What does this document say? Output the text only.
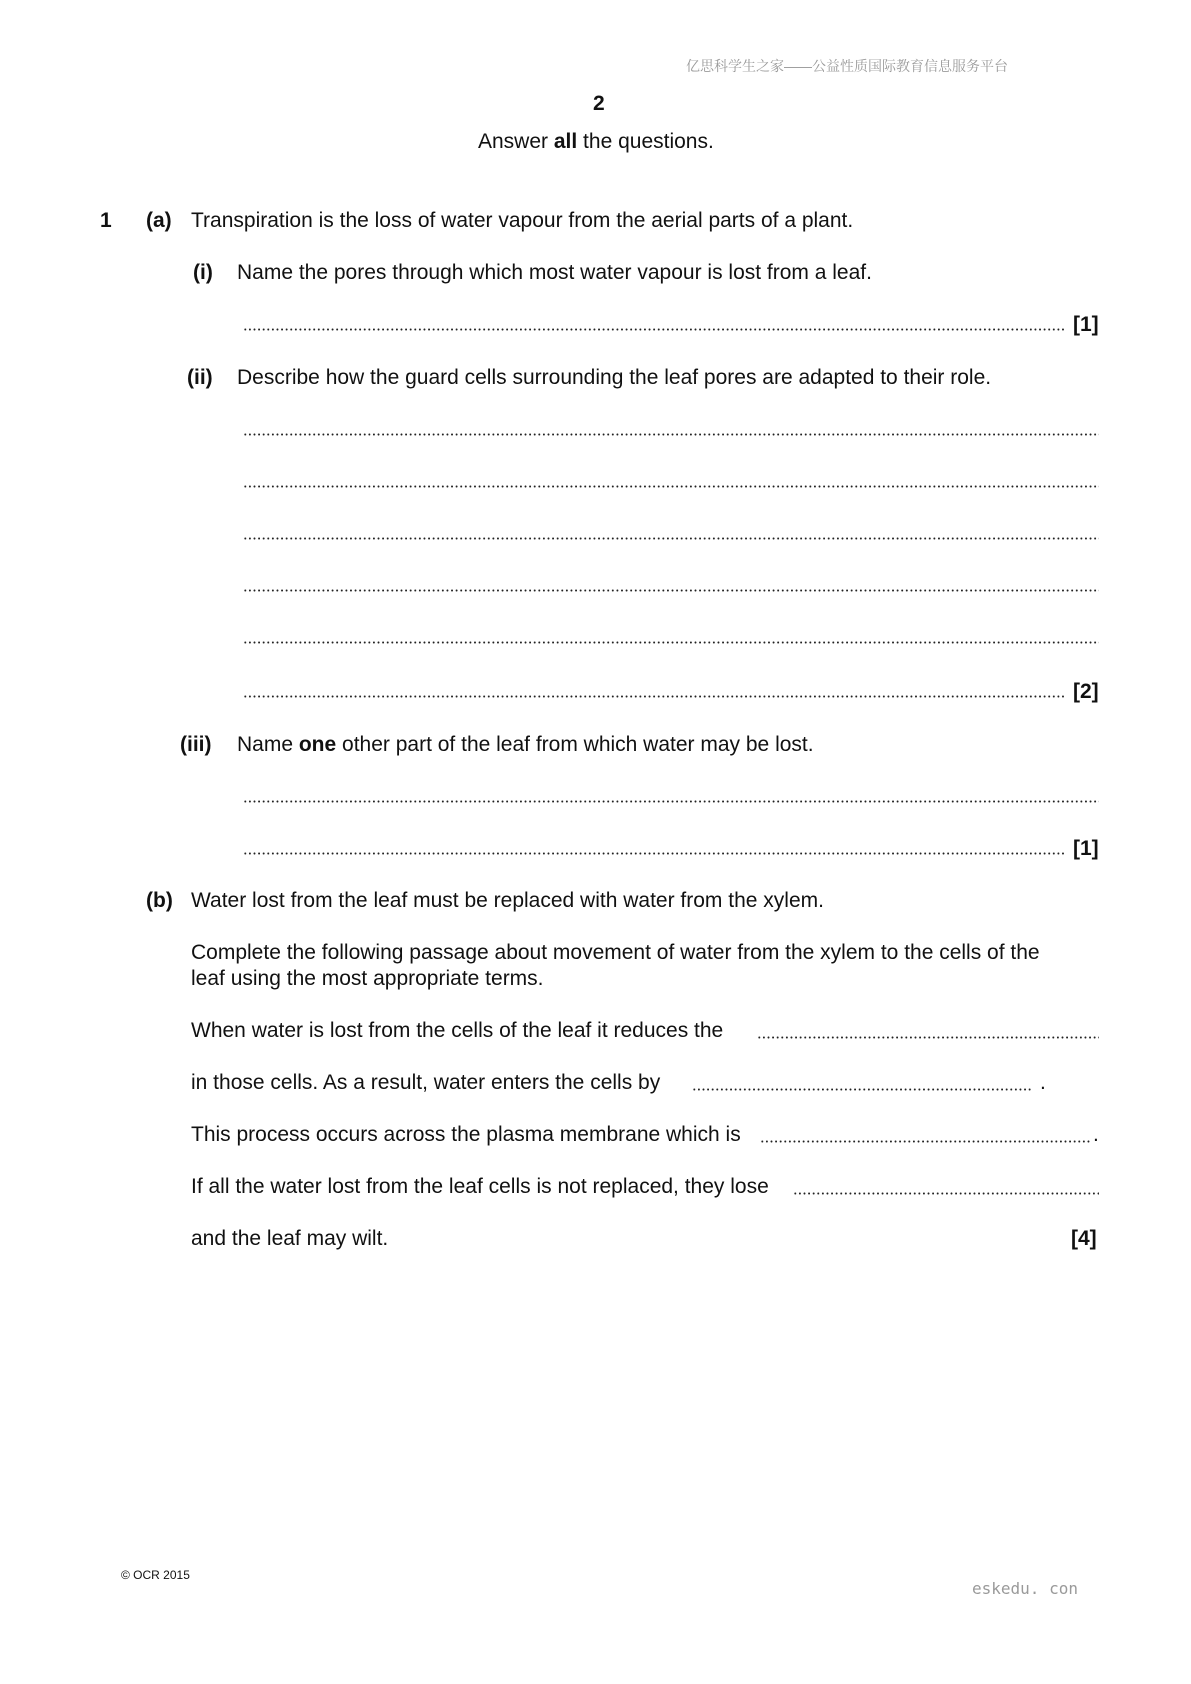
亿思科学生之家——公益性质国际教育信息服务平台
2
Answer all the questions.
1 (a) Transpiration is the loss of water vapour from the aerial parts of a plant.
(i) Name the pores through which most water vapour is lost from a leaf.
[1]
(ii) Describe how the guard cells surrounding the leaf pores are adapted to their role.
[2]
(iii) Name one other part of the leaf from which water may be lost.
[1]
(b) Water lost from the leaf must be replaced with water from the xylem.
Complete the following passage about movement of water from the xylem to the cells of the
leaf using the most appropriate terms.
When water is lost from the cells of the leaf it reduces the
in those cells. As a result, water enters the cells by	.
This process occurs across the plasma membrane which is	.
If all the water lost from the leaf cells is not replaced, they lose
and the leaf may wilt.	[4]
© OCR 2015
eskedu. con
